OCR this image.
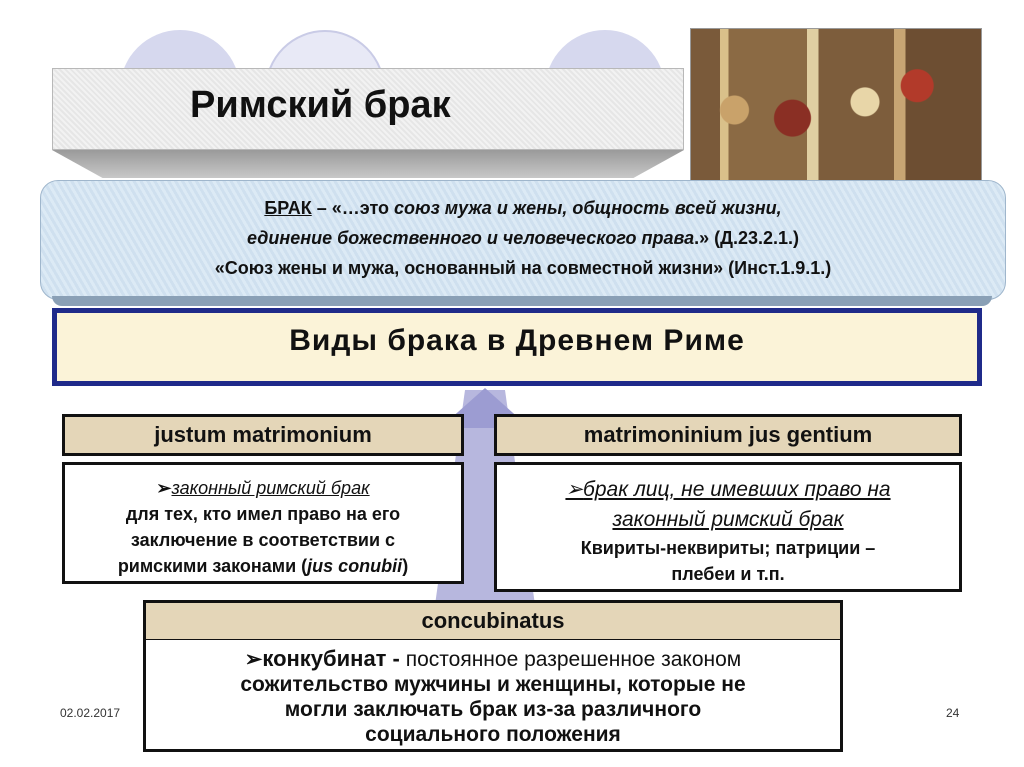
Римский брак
БРАК – «…это союз мужа и жены, общность всей жизни,
единение божественного и человеческого права.» (Д.23.2.1.)
«Союз жены и мужа, основанный на совместной жизни» (Инст.1.9.1.)
Виды брака в Древнем Риме
justum matrimonium
➢законный римский брак
для тех, кто имел право на его
заключение в соответствии с
римскими законами (jus conubii)
matrimoninium jus gentium
➢брак лиц, не имевших право на
законный римский брак
Квириты-неквириты; патриции –
плебеи и т.п.
concubinatus
➢конкубинат - постоянное разрешенное законом
сожительство мужчины и женщины, которые не
могли заключать брак из-за различного
социального положения
02.02.2017	24
